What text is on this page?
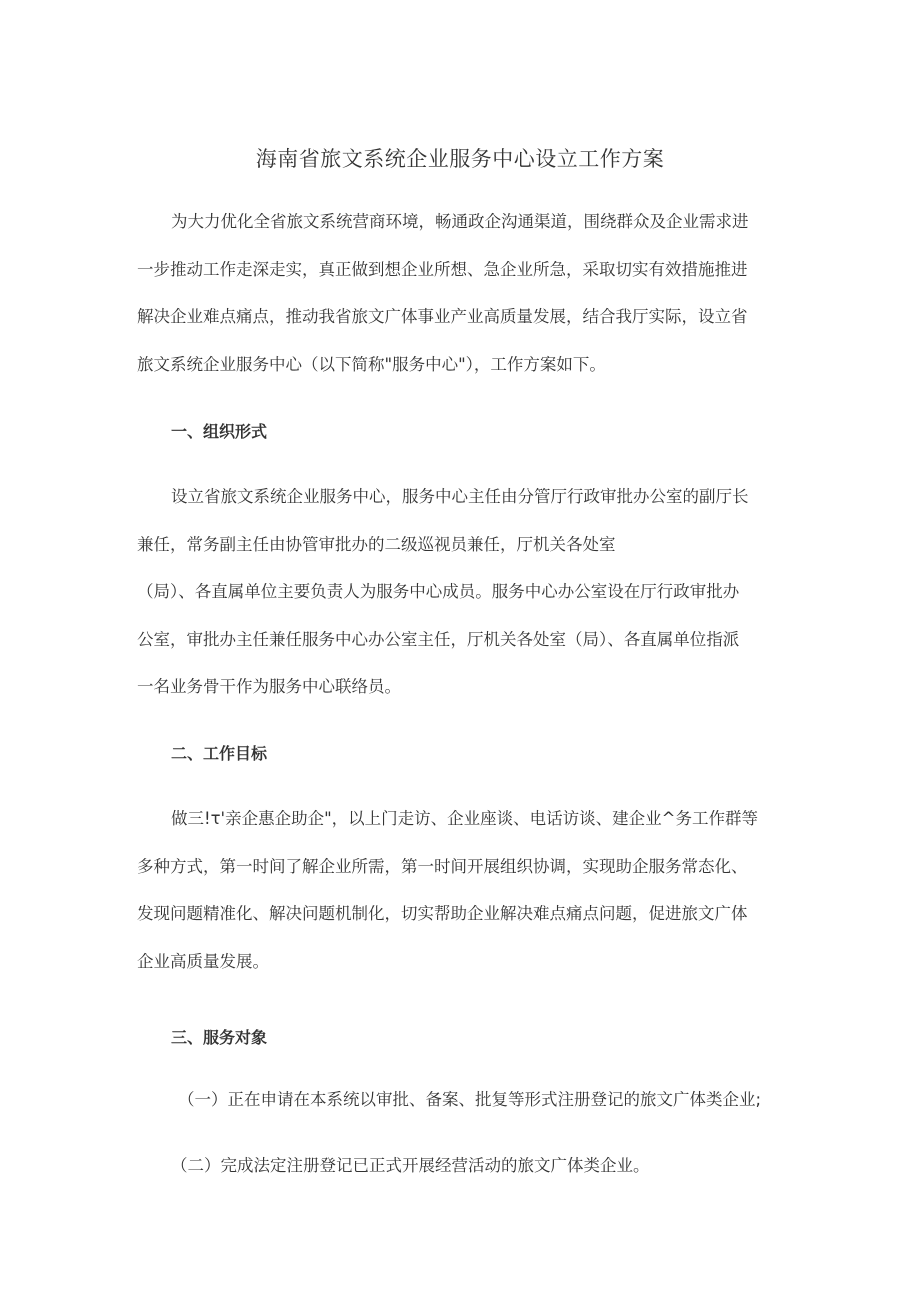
海南省旅文系统企业服务中心设立工作方案
为大力优化全省旅文系统营商环境，畅通政企沟通渠道，围绕群众及企业需求进
一步推动工作走深走实，真正做到想企业所想、急企业所急，采取切实有效措施推进
解决企业难点痛点，推动我省旅文广体事业产业高质量发展，结合我厅实际，设立省
旅文系统企业服务中心（以下简称"服务中心"），工作方案如下。
一、组织形式
设立省旅文系统企业服务中心，服务中心主任由分管厅行政审批办公室的副厅长
兼任，常务副主任由协管审批办的二级巡视员兼任，厅机关各处室
（局）、各直属单位主要负责人为服务中心成员。服务中心办公室设在厅行政审批办
公室，审批办主任兼任服务中心办公室主任，厅机关各处室（局）、各直属单位指派
一名业务骨干作为服务中心联络员。
二、工作目标
做三!τ'亲企惠企助企"，以上门走访、企业座谈、电话访谈、建企业^务工作群等
多种方式，第一时间了解企业所需，第一时间开展组织协调，实现助企服务常态化、
发现问题精准化、解决问题机制化，切实帮助企业解决难点痛点问题，促进旅文广体
企业高质量发展。
三、服务对象
（一）正在申请在本系统以审批、备案、批复等形式注册登记的旅文广体类企业;
（二）完成法定注册登记已正式开展经营活动的旅文广体类企业。
